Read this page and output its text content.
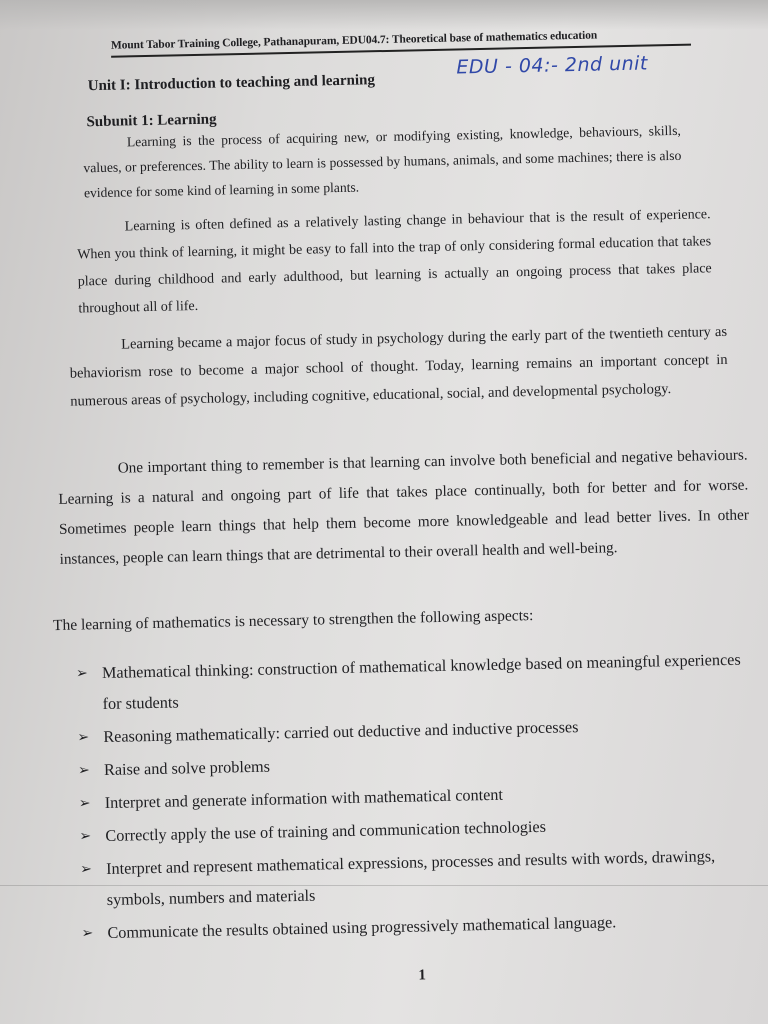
Mount Tabor Training College, Pathanapuram, EDU04.7: Theoretical base of mathematics education
Unit I: Introduction to teaching and learning
EDU - 04:- 2nd unit
Subunit 1: Learning
Learning is the process of acquiring new, or modifying existing, knowledge, behaviours, skills, values, or preferences. The ability to learn is possessed by humans, animals, and some machines; there is also evidence for some kind of learning in some plants.
Learning is often defined as a relatively lasting change in behaviour that is the result of experience. When you think of learning, it might be easy to fall into the trap of only considering formal education that takes place during childhood and early adulthood, but learning is actually an ongoing process that takes place throughout all of life.
Learning became a major focus of study in psychology during the early part of the twentieth century as behaviorism rose to become a major school of thought. Today, learning remains an important concept in numerous areas of psychology, including cognitive, educational, social, and developmental psychology.
One important thing to remember is that learning can involve both beneficial and negative behaviours. Learning is a natural and ongoing part of life that takes place continually, both for better and for worse. Sometimes people learn things that help them become more knowledgeable and lead better lives. In other instances, people can learn things that are detrimental to their overall health and well-being.
The learning of mathematics is necessary to strengthen the following aspects:
➢ Mathematical thinking: construction of mathematical knowledge based on meaningful experiences for students
➢ Reasoning mathematically: carried out deductive and inductive processes
➢ Raise and solve problems
➢ Interpret and generate information with mathematical content
➢ Correctly apply the use of training and communication technologies
➢ Interpret and represent mathematical expressions, processes and results with words, drawings, symbols, numbers and materials
➢ Communicate the results obtained using progressively mathematical language.
1
